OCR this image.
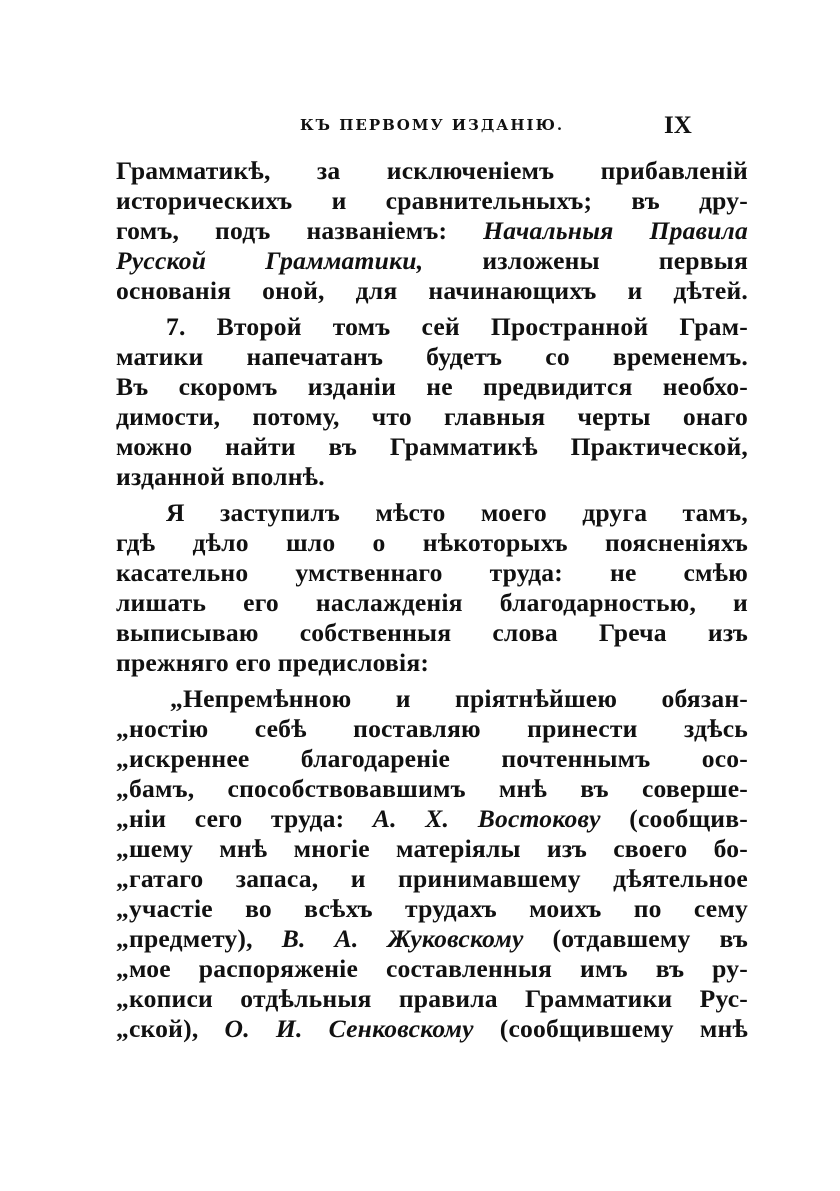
КЪ ПЕРВОМУ ИЗДАНІЮ.	IX
Грамматикѣ, за исключенiемъ прибавленiй
историческихъ и сравнительныхъ; въ дру-
гомъ, подъ названiемъ: Начальныя Правила
Русской Грамматики, изложены первыя
основанiя оной, для начинающихъ и дѣтей.
7. Второй томъ сей Пространной Грам-
матики напечатанъ будетъ со временемъ.
Въ скоромъ изданiи не предвидится необхо-
димости, потому, что главныя черты онаго
можно найти въ Грамматикѣ Практической,
изданной вполнѣ.
Я заступилъ мѣсто моего друга тамъ,
гдѣ дѣло шло о нѣкоторыхъ поясненiяхъ
касательно умственнаго труда: не смѣю
лишать его наслажденiя благодарностью, и
выписываю собственныя слова Греча изъ
прежняго его предисловiя:
„Непремѣнною и прiятнѣйшею обязан-
„ностiю себѣ поставляю принести здѣсь
„искреннее благодаренiе почтеннымъ осо-
„бамъ, способствовавшимъ мнѣ въ соверше-
„нiи сего труда: А. Х. Востокову (сообщив-
„шему мнѣ многiе матерiялы изъ своего бо-
„гатаго запаса, и принимавшему дѣятельное
„участiе во всѣхъ трудахъ моихъ по сему
„предмету), В. А. Жуковскому (отдавшему въ
„мое распоряженiе составленныя имъ въ ру-
„кописи отдѣльныя правила Грамматики Рус-
„ской), О. И. Сенковскому (сообщившему мнѣ
